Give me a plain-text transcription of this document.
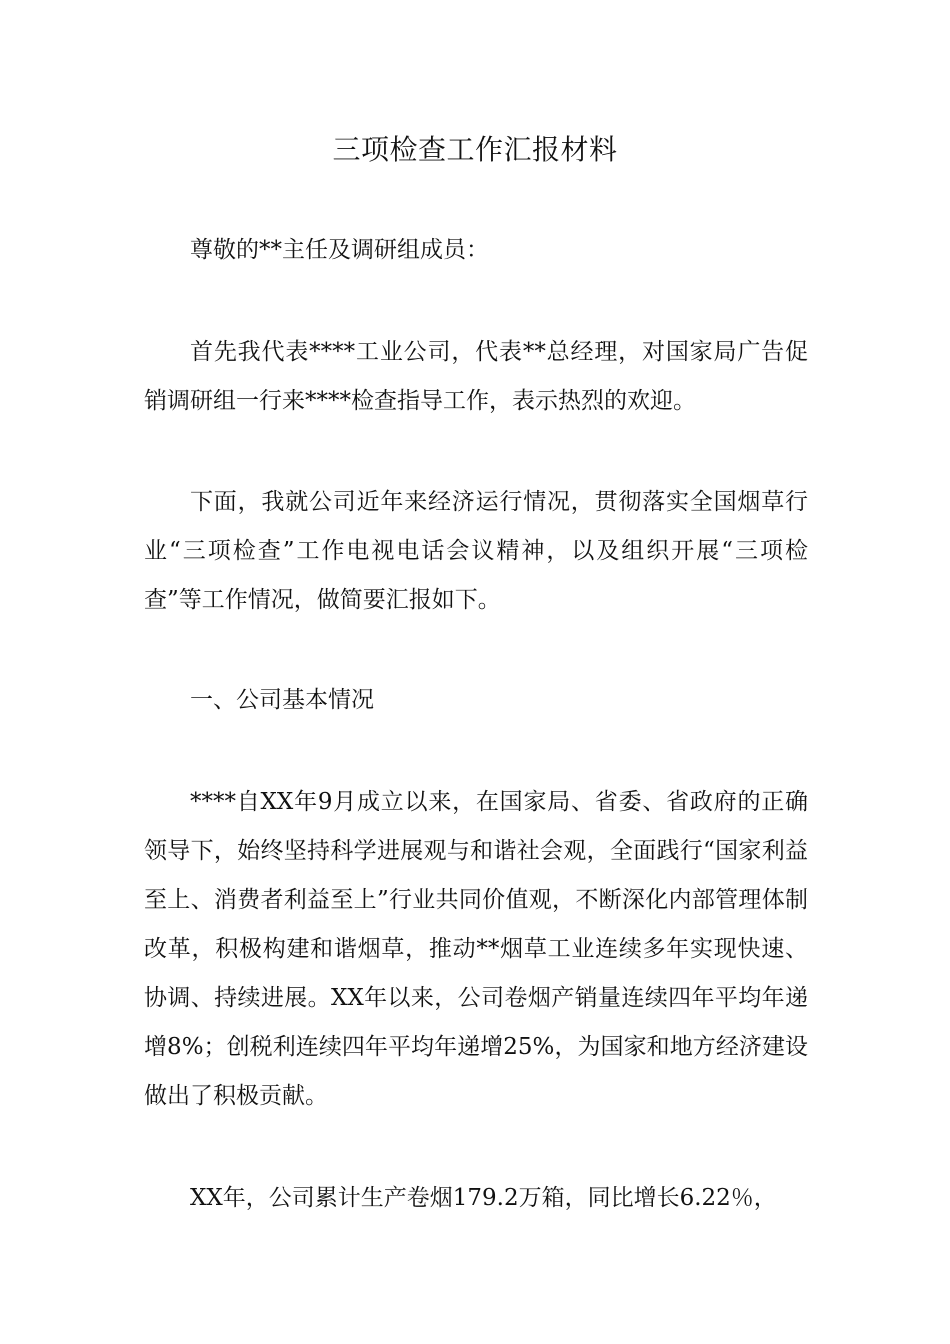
三项检查工作汇报材料

尊敬的**主任及调研组成员：

首先我代表****工业公司，代表**总经理，对国家局广告促销调研组一行来****检查指导工作，表示热烈的欢迎。

下面，我就公司近年来经济运行情况，贯彻落实全国烟草行业“三项检查”工作电视电话会议精神，以及组织开展“三项检查”等工作情况，做简要汇报如下。

一、公司基本情况

****自XX年9月成立以来，在国家局、省委、省政府的正确领导下，始终坚持科学进展观与和谐社会观，全面践行“国家利益至上、消费者利益至上”行业共同价值观，不断深化内部管理体制改革，积极构建和谐烟草，推动**烟草工业连续多年实现快速、协调、持续进展。XX年以来，公司卷烟产销量连续四年平均年递增8%；创税利连续四年平均年递增25%，为国家和地方经济建设做出了积极贡献。

XX年，公司累计生产卷烟179.2万箱，同比增长6.22％，
